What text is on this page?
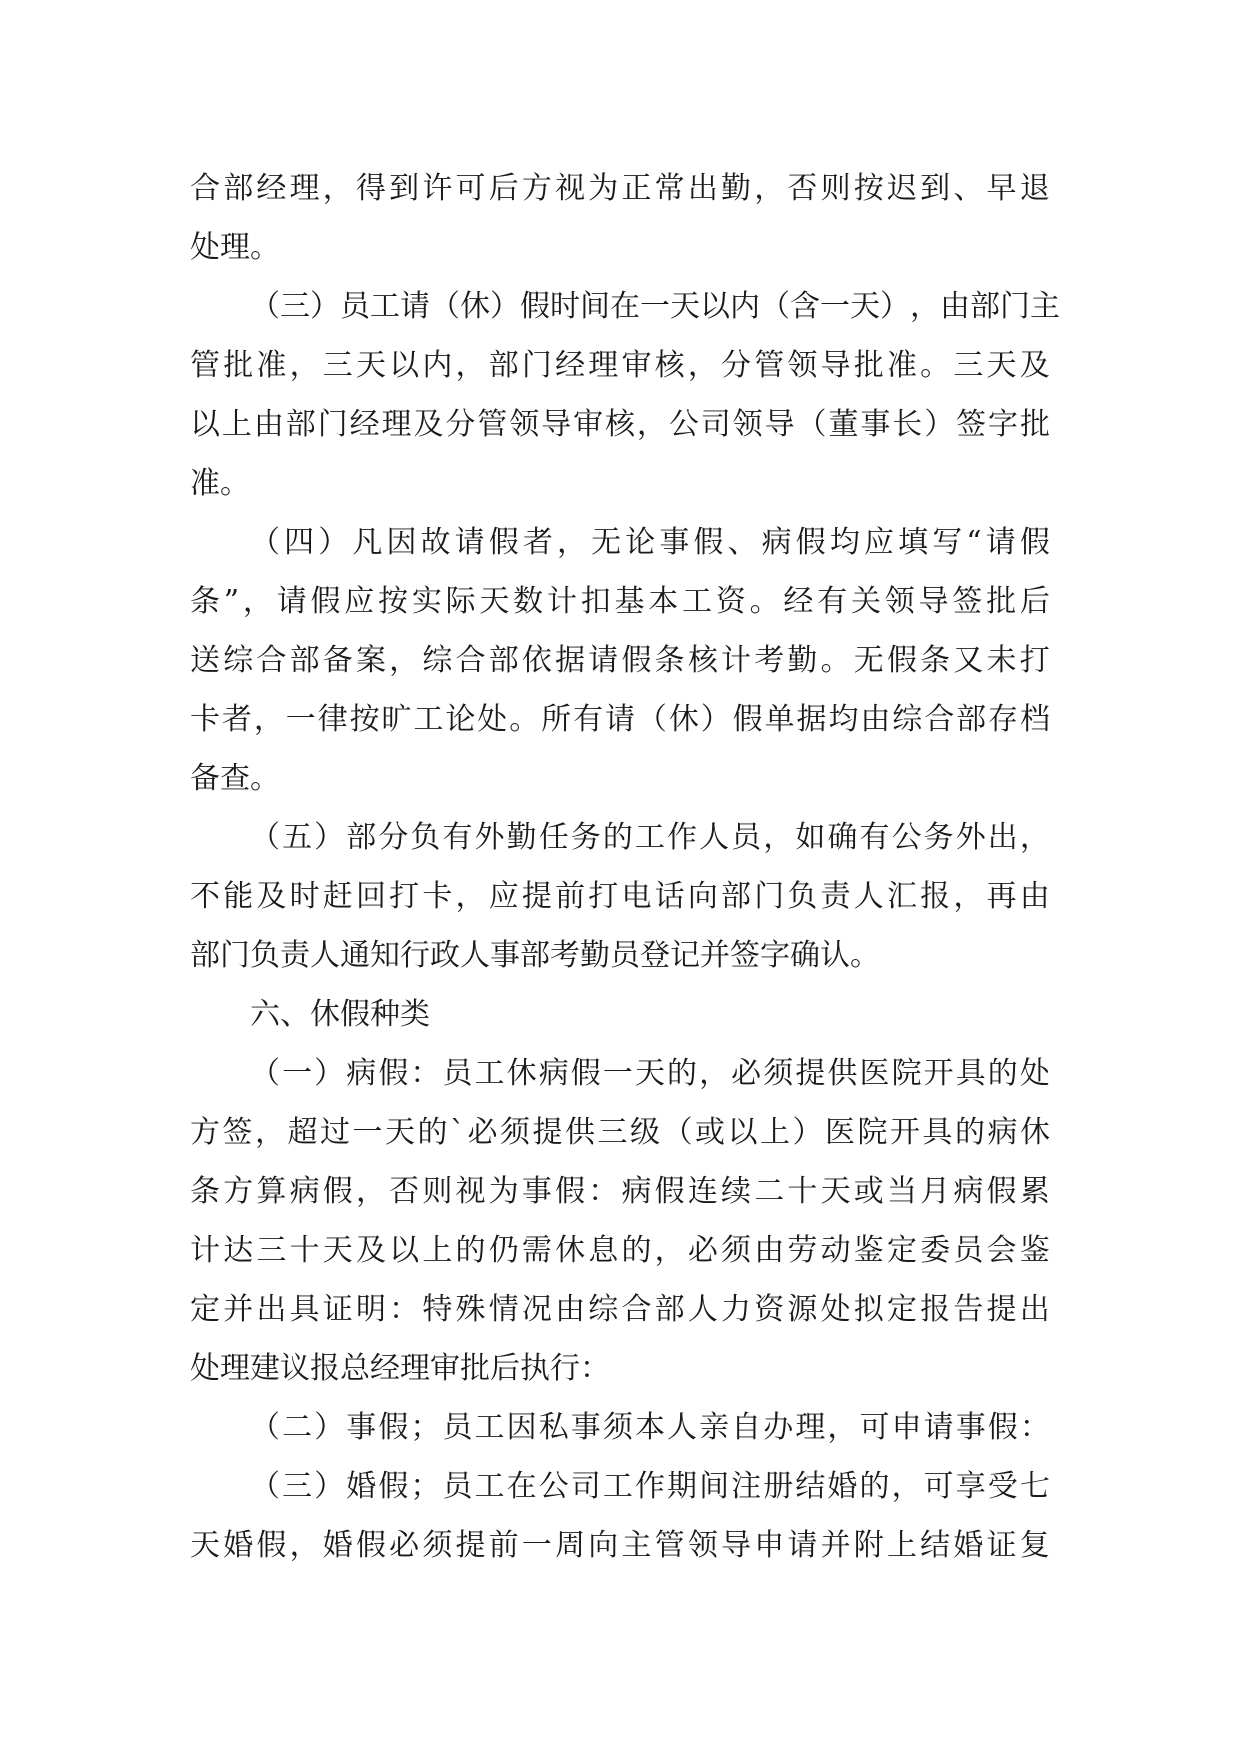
合 部 经 理 ， 得 到 许 可 后 方 视 为 正 常 出 勤 ， 否 则 按 迟 到 、 早 退
处理。
（ 三 ） 员 工 请 （ 休 ） 假 时 间 在 一 天 以 内 （ 含 一 天 ） ， 由 部 门 主
管 批 准 ， 三 天 以 内 ， 部 门 经 理 审 核 ， 分 管 领 导 批 准 。 三 天 及
以 上 由 部 门 经 理 及 分 管 领 导 审 核 ， 公 司 领 导 （ 董 事 长 ） 签 字 批
准。
（ 四 ） 凡 因 故 请 假 者 ， 无 论 事 假 、 病 假 均 应 填 写 “ 请 假
条 ” ， 请 假 应 按 实 际 天 数 计 扣 基 本 工 资 。 经 有 关 领 导 签 批 后
送 综 合 部 备 案 ， 综 合 部 依 据 请 假 条 核 计 考 勤 。 无 假 条 又 未 打
卡 者 ， 一 律 按 旷 工 论 处 。 所 有 请 （ 休 ） 假 单 据 均 由 综 合 部 存 档
备查。
（ 五 ） 部 分 负 有 外 勤 任 务 的 工 作 人 员 ， 如 确 有 公 务 外 出 ，
不 能 及 时 赶 回 打 卡 ， 应 提 前 打 电 话 向 部 门 负 责 人 汇 报 ， 再 由
部门负责人通知行政人事部考勤员登记并签字确认。
六、休假种类
（ 一 ） 病 假 ： 员 工 休 病 假 一 天 的 ， 必 须 提 供 医 院 开 具 的 处
方 签 ， 超 过 一 天 的 ` 必 须 提 供 三 级 （ 或 以 上 ） 医 院 开 具 的 病 休
条 方 算 病 假 ， 否 则 视 为 事 假 ： 病 假 连 续 二 十 天 或 当 月 病 假 累
计 达 三 十 天 及 以 上 的 仍 需 休 息 的 ， 必 须 由 劳 动 鉴 定 委 员 会 鉴
定 并 出 具 证 明 ： 特 殊 情 况 由 综 合 部 人 力 资 源 处 拟 定 报 告 提 出
处理建议报总经理审批后执行：
（ 二 ） 事 假 ； 员 工 因 私 事 须 本 人 亲 自 办 理 ， 可 申 请 事 假 ：
（ 三 ） 婚 假 ； 员 工 在 公 司 工 作 期 间 注 册 结 婚 的 ， 可 享 受 七
天 婚 假 ， 婚 假 必 须 提 前 一 周 向 主 管 领 导 申 请 并 附 上 结 婚 证 复
